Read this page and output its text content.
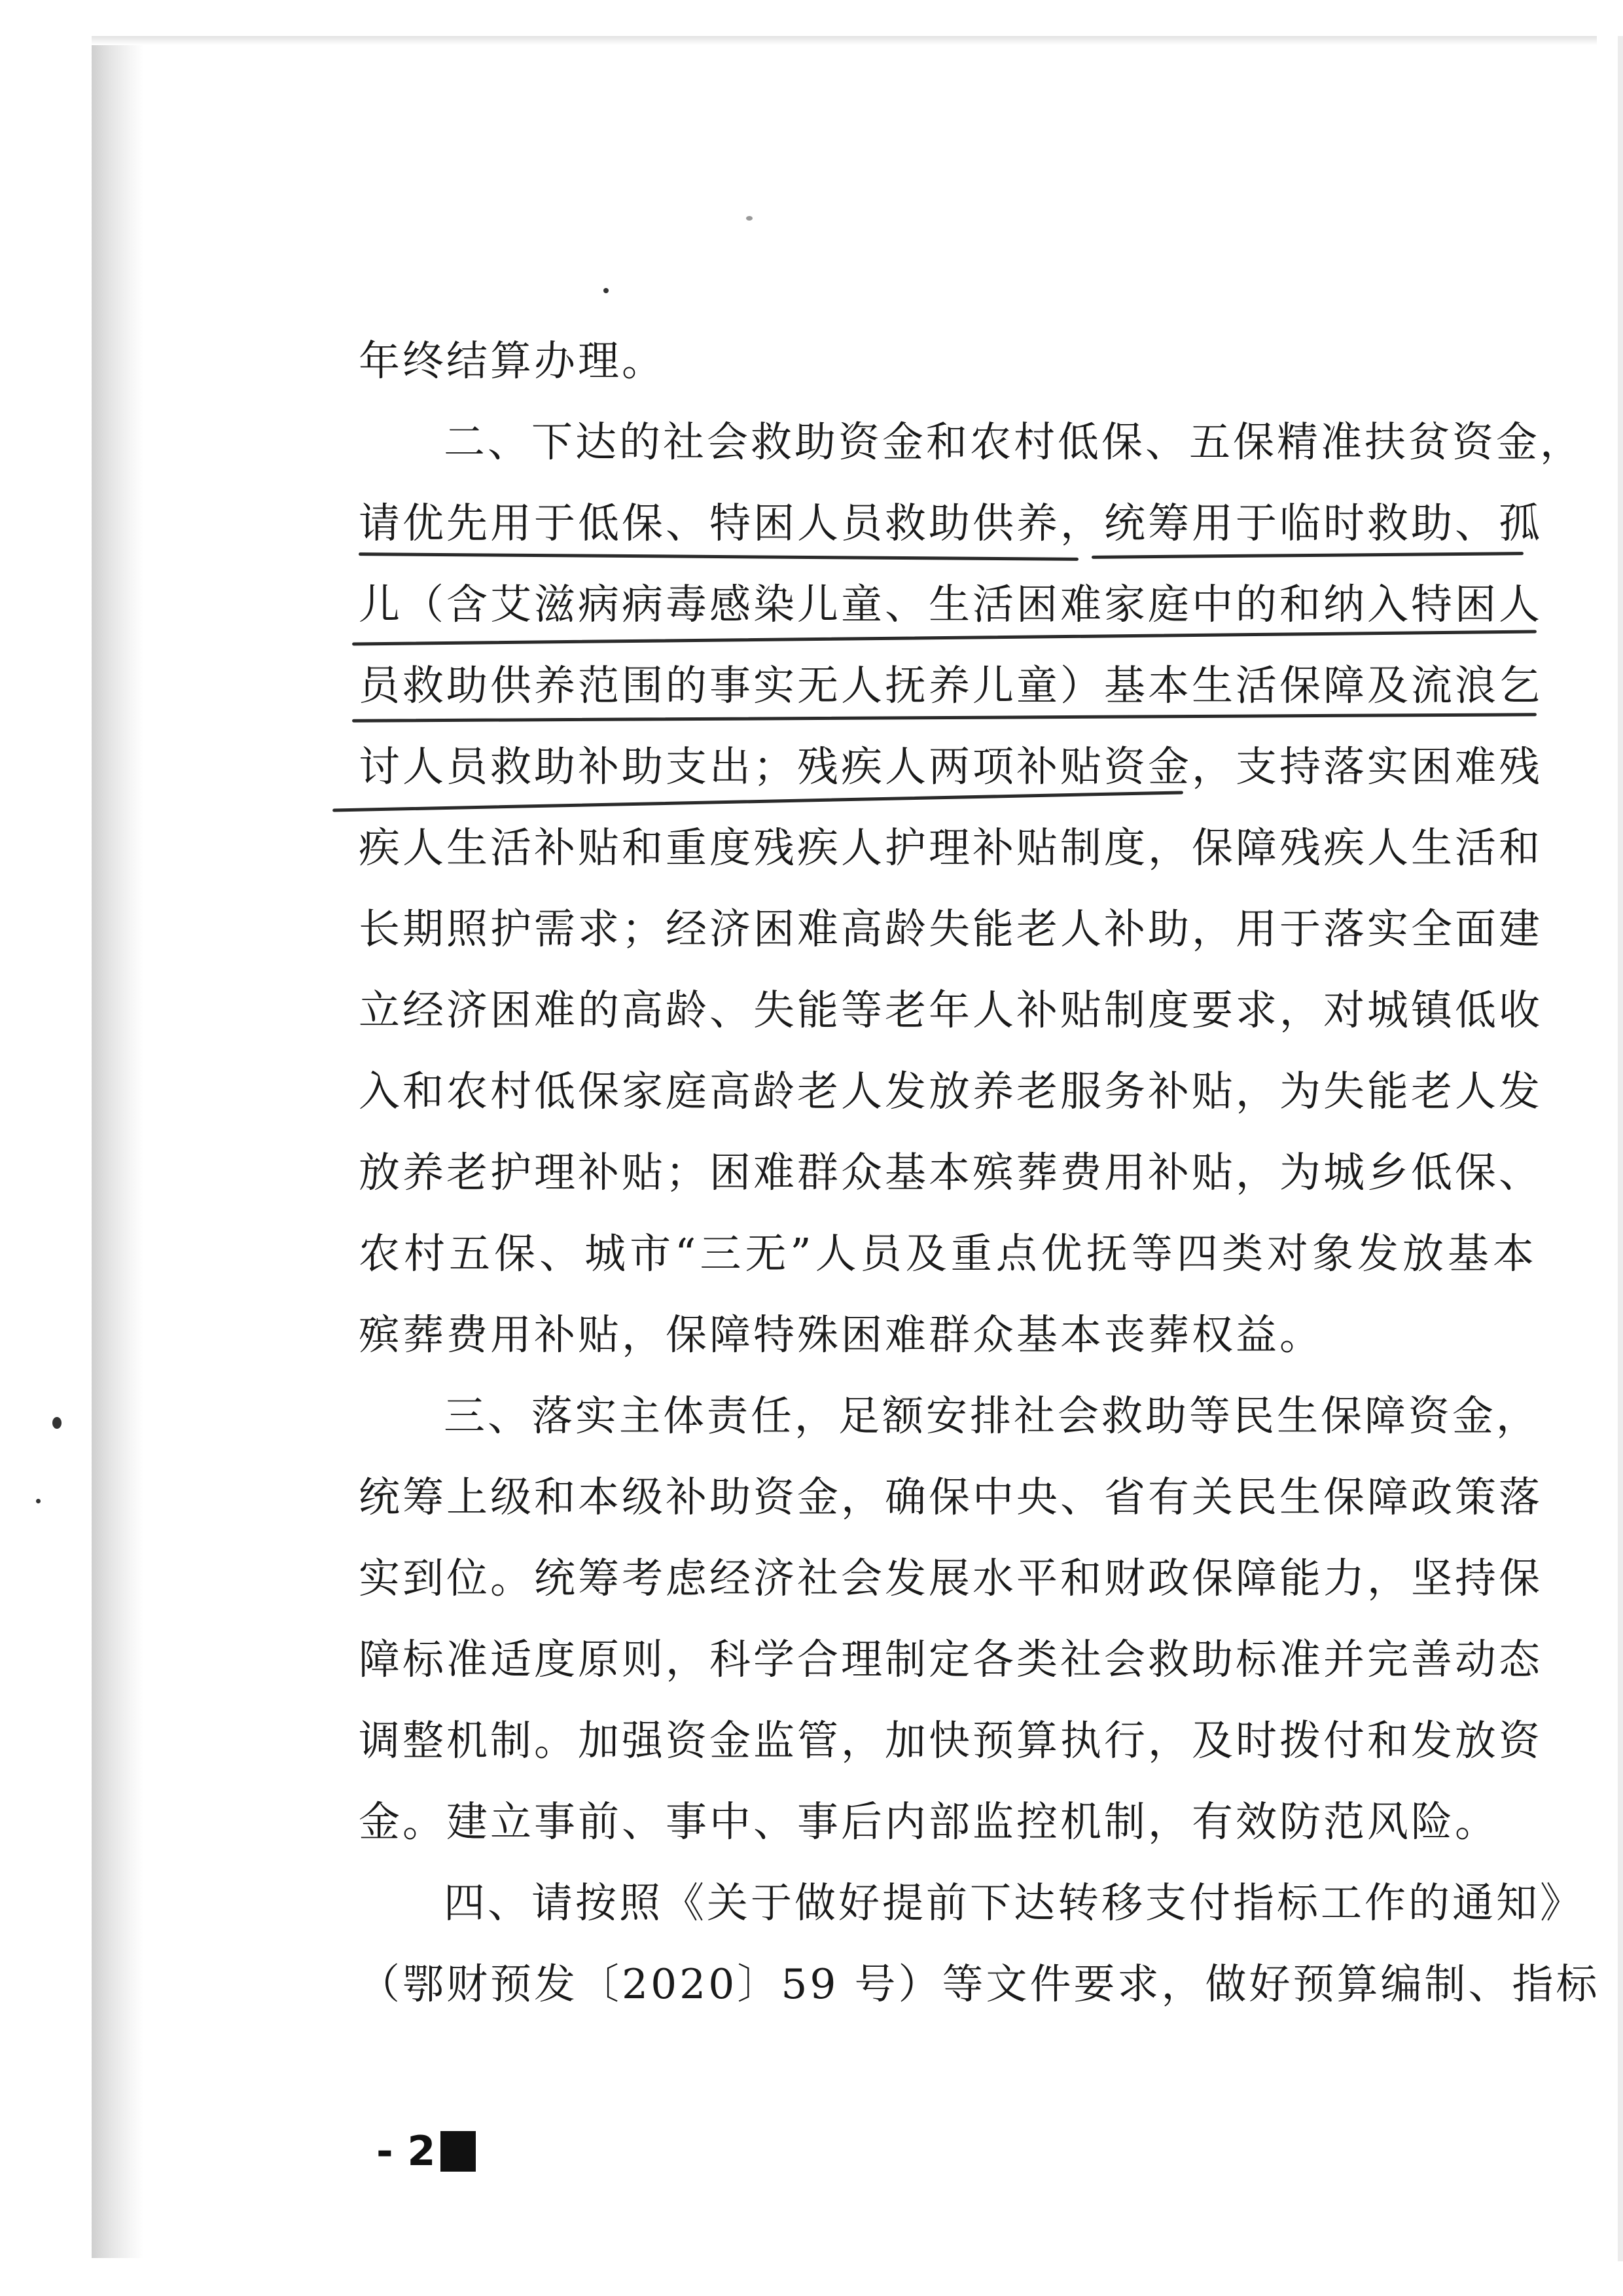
年终结算办理。
二、下达的社会救助资金和农村低保、五保精准扶贫资金，
请优先用于低保、特困人员救助供养，统筹用于临时救助、孤
儿（含艾滋病病毒感染儿童、生活困难家庭中的和纳入特困人
员救助供养范围的事实无人抚养儿童）基本生活保障及流浪乞
讨人员救助补助支出；残疾人两项补贴资金，支持落实困难残
疾人生活补贴和重度残疾人护理补贴制度，保障残疾人生活和
长期照护需求；经济困难高龄失能老人补助，用于落实全面建
立经济困难的高龄、失能等老年人补贴制度要求，对城镇低收
入和农村低保家庭高龄老人发放养老服务补贴，为失能老人发
放养老护理补贴；困难群众基本殡葬费用补贴，为城乡低保、
农村五保、城市“三无”人员及重点优抚等四类对象发放基本
殡葬费用补贴，保障特殊困难群众基本丧葬权益。
三、落实主体责任，足额安排社会救助等民生保障资金，
统筹上级和本级补助资金，确保中央、省有关民生保障政策落
实到位。统筹考虑经济社会发展水平和财政保障能力，坚持保
障标准适度原则，科学合理制定各类社会救助标准并完善动态
调整机制。加强资金监管，加快预算执行，及时拨付和发放资
金。建立事前、事中、事后内部监控机制，有效防范风险。
四、请按照《关于做好提前下达转移支付指标工作的通知》
（鄂财预发〔2020〕59 号）等文件要求，做好预算编制、指标
- 2
